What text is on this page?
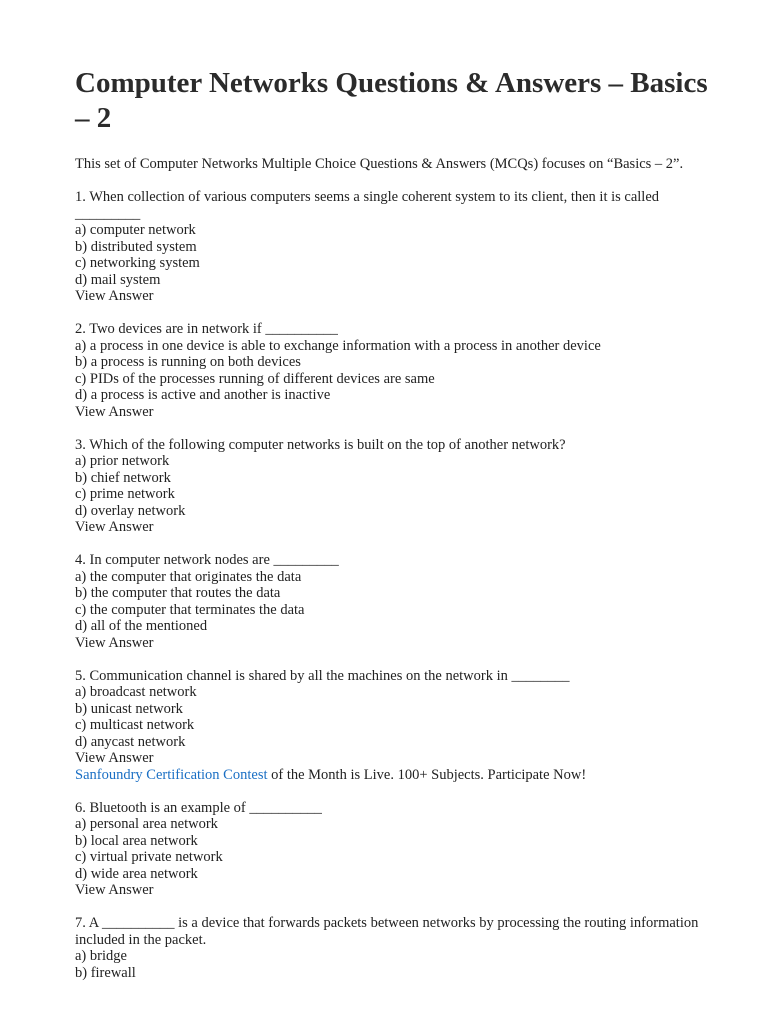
Computer Networks Questions & Answers – Basics – 2

This set of Computer Networks Multiple Choice Questions & Answers (MCQs) focuses on “Basics – 2”.

1. When collection of various computers seems a single coherent system to its client, then it is called _________
a) computer network
b) distributed system
c) networking system
d) mail system
View Answer
2. Two devices are in network if __________
a) a process in one device is able to exchange information with a process in another device
b) a process is running on both devices
c) PIDs of the processes running of different devices are same
d) a process is active and another is inactive
View Answer
3. Which of the following computer networks is built on the top of another network?
a) prior network
b) chief network
c) prime network
d) overlay network
View Answer
4. In computer network nodes are _________
a) the computer that originates the data
b) the computer that routes the data
c) the computer that terminates the data
d) all of the mentioned
View Answer
5. Communication channel is shared by all the machines on the network in ________
a) broadcast network
b) unicast network
c) multicast network
d) anycast network
View Answer
Sanfoundry Certification Contest of the Month is Live. 100+ Subjects. Participate Now!
6. Bluetooth is an example of __________
a) personal area network
b) local area network
c) virtual private network
d) wide area network
View Answer
7. A __________ is a device that forwards packets between networks by processing the routing information included in the packet.
a) bridge
b) firewall
